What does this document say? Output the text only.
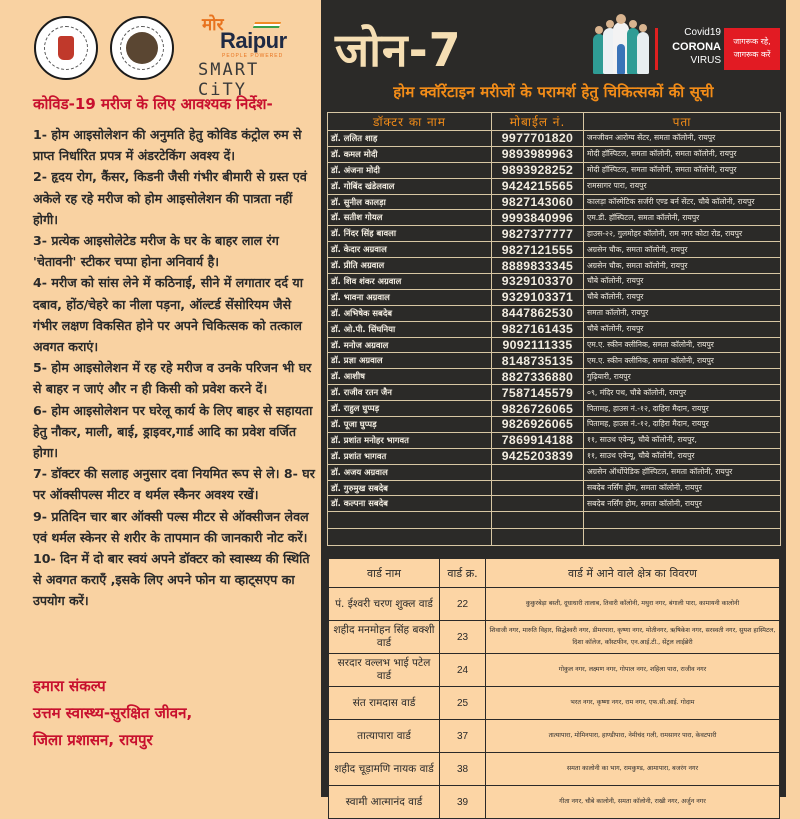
मोर
Raipur
PEOPLE POWERED
SMART CiTY
कोविड-19 मरीज के लिए आवश्यक निर्देश-

1- होम आइसोलेशन की अनुमति हेतु कोविड कंट्रोल रुम से प्राप्त निर्धारित प्रपत्र में अंडरटेकिंग अवश्य दें।

2- हृदय रोग, कैंसर, किडनी जैसी गंभीर बीमारी से ग्रस्त एवं अकेले रह रहे मरीज को होम आइसोलेशन की पात्रता नहीं होगी।

3- प्रत्येक आइसोलेटेड मरीज के घर के बाहर लाल रंग 'चेतावनी' स्टीकर चप्पा होना अनिवार्य है।

4- मरीज को सांस लेने में कठिनाई, सीने में लगातार दर्द या दबाव, होंठ/चेहरे का नीला पड़ना, ऑल्टर्ड सेंसोरियम जैसे गंभीर लक्षण विकसित होने पर अपने चिकित्सक को तत्काल अवगत कराएं।

5- होम आइसोलेशन में रह रहे मरीज व उनके परिजन भी घर से बाहर न जाएं और न ही किसी को प्रवेश करने दें।

6- होम आइसोलेशन पर घरेलू कार्य के लिए बाहर से सहायता हेतु नौकर, माली, बाई, ड्राइवर,गार्ड आदि का प्रवेश वर्जित होगा।

7- डॉक्टर की सलाह अनुसार दवा नियमित रूप से ले। 8- घर पर ऑक्सीपल्स मीटर व थर्मल स्कैनर अवश्य रखें।

9- प्रतिदिन चार बार ऑक्सी पल्स मीटर से ऑक्सीजन लेवल एवं थर्मल स्केनर से शरीर के तापमान की जानकारी नोट करें।

10- दिन में दो बार स्वयं अपने डॉक्टर को स्वास्थ्य की स्थिति से अवगत कराएँ ,इसके लिए अपने फोन या व्हाट्सएप का उपयोग करें।

हमारा संकल्प

उत्तम स्वास्थ्य-सुरक्षित जीवन,

जिला प्रशासन, रायपुर

जोन-7	Covid19
CORONA
VIRUS
जागरूक रहे,
जागरूक करें
होम क्वॉरेंटाइन मरीजों के परामर्श हेतु चिकित्सकों की सूची
डॉक्टर का नाम	मोबाईल नं.	पता
डॉ. ललित शाह	9977701820	जनजीवन आरोग्य सेंटर, समता कॉलोनी, रायपुर
डॉ. कमल मोदी	9893989963	मोदी हॉस्पिटल, समता कॉलोनी, समता कॉलोनी, रायपुर
डॉ. अंजना मोदी	9893928252	मोदी हॉस्पिटल, समता कॉलोनी, समता कॉलोनी, रायपुर
डॉ. गोबिंद खंडेलवाल	9424215565	रामसागर पारा, रायपुर
डॉ. सुनील कालड़ा	9827143060	कालड़ा कॉस्मेटिक सर्जरी एण्ड बर्न सेंटर, चौबे कॉलोनी, रायपुर
डॉ. सतीश गोयल	9993840996	एम.डी. हॉस्पिटल, समता कॉलोनी, रायपुर
डॉ. निंदर सिंह बावला	9827377777	हाउस-२२, गुलमोहर कॉलोनी, राम नगर कोटा रोड, रायपुर
डॉ. केदार अग्रवाल	9827121555	अग्रसेन चौक, समता कॉलोनी, रायपुर
डॉ. प्रीति अग्रवाल	8889833345	अग्रसेन चौक, समता कॉलोनी, रायपुर
डॉ. शिव शंकर अग्रवाल	9329103370	चौबे कॉलोनी, रायपुर
डॉ. भावना अग्रवाल	9329103371	चौबे कॉलोनी, रायपुर
डॉ. अभिषेक सबदेब	8447862530	समता कॉलोनी, रायपुर
डॉ. ओ.पी. सिंघनिया	9827161435	चौबे कॉलोनी, रायपुर
डॉ. मनोज अग्रवाल	9092111335	एम.ए. स्कीन क्लीनिक, समता कॉलोनी, रायपुर
डॉ. प्रज्ञा अग्रवाल	8148735135	एम.ए. स्कीन क्लीनिक, समता कॉलोनी, रायपुर
डॉ. आशीष	8827336880	गुढ़ियारी, रायपुर
डॉ. राजीव रतन जैन	7587145579	०९, मंदिर पथ, चौबे कॉलोनी, रायपुर
डॉ. राहुल घुप्पड़	9826726065	पितामह, हाउस नं.-१२, दाहिरा मैदान, रायपुर
डॉ. पूजा घुप्पड़	9826926065	पितामह, हाउस नं.-१२, दाहिरा मैदान, रायपुर
डॉ. प्रशांत मनोहर भागवत	7869914188	११, साउथ एवेन्यू, चौबे कॉलोनी, रायपुर,
डॉ. प्रशांत भागवत	9425203839	११, साउथ एवेन्यू, चौबे कॉलोनी, रायपुर
डॉ. अजय अग्रवाल		अग्रसेन ऑर्थोपेडिक हॉस्पिटल, समता कॉलोनी, रायपुर
डॉ. गुरुमुख सबदेब		सबदेब नर्सिंग होम, समता कॉलोनी, रायपुर
डॉ. कल्पना सबदेब		सबदेब नर्सिंग होम, समता कॉलोनी, रायपुर

वार्ड नाम	वार्ड क्र.	वार्ड में आने वाले क्षेत्र का विवरण
पं. ईश्वरी चरण शुक्ल वार्ड	22	कुकुरबेड़ा बस्ती, दूधाधारी तालाब, तिवारी कॉलोनी, मथुरा नगर, बंगाली पारा, कामायनी कालोनी
शहीद मनमोहन सिंह बक्शी वार्ड	23	शिवाजी नगर, मारुति विहार, सिद्धेश्वरी नगर, डीमरपारा, कृष्णा नगर, मोतीनगर, ऋषिकेश नगर, सरस्वती नगर, सुयश हास्पिटल, दिशा कॉलेज, कॉस्टफीन, एन.आई.टी., सेंट्रल लाईब्रेरी
सरदार वल्लभ भाई पटेल वार्ड	24	गोकुल नगर, लक्ष्मण नगर, गोपाल नगर, शहिला पारा, राजीव नगर
संत रामदास वार्ड	25	भरत नगर, कृष्णा नगर, राम नगर, एफ.सी.आई. गोदाम
तात्यापारा वार्ड	37	तात्यापारा, मोमिनपारा, हाण्डीपारा, नेमीचंद गली, रामसागर पारा, केवटपारी
शहीद चूड़ामणि नायक वार्ड	38	समता कालोनी का भाग, रामकुण्ड, आमापारा, बजरंग नगर
स्वामी आत्मानंद वार्ड	39	गीता नगर, चौबे कालोनी, समता कॉलोनी, राखी नगर, अर्जुन नगर
